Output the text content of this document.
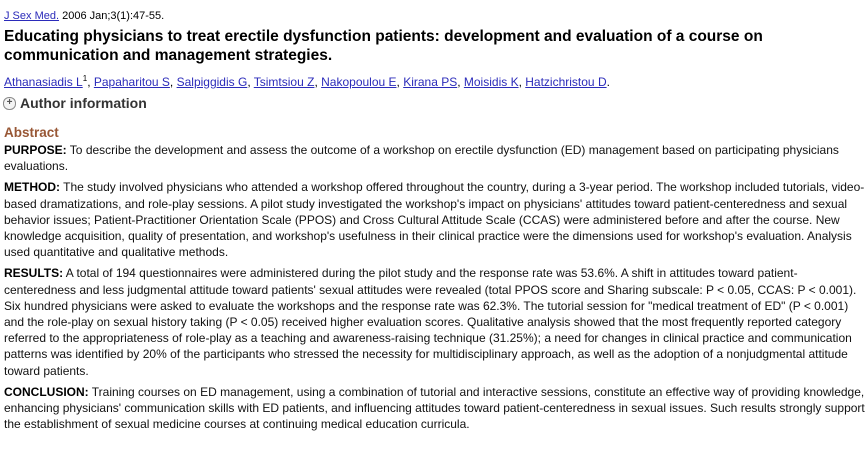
J Sex Med. 2006 Jan;3(1):47-55.
Educating physicians to treat erectile dysfunction patients: development and evaluation of a course on communication and management strategies.
Athanasiadis $L^1$, Papaharitou S, Salpiggidis G, Tsimtsiou Z, Nakopoulou E, Kirana PS, Moisidis K, Hatzichristou D.
+ Author information
Abstract

PURPOSE: To describe the development and assess the outcome of a workshop on erectile dysfunction (ED) management based on participating physicians evaluations.

METHOD: The study involved physicians who attended a workshop offered throughout the country, during a 3-year period. The workshop included tutorials, video-based dramatizations, and role-play sessions. A pilot study investigated the workshop's impact on physicians' attitudes toward patient-centeredness and sexual behavior issues; Patient-Practitioner Orientation Scale (PPOS) and Cross Cultural Attitude Scale (CCAS) were administered before and after the course. New knowledge acquisition, quality of presentation, and workshop's usefulness in their clinical practice were the dimensions used for workshop's evaluation. Analysis used quantitative and qualitative methods.

RESULTS: A total of 194 questionnaires were administered during the pilot study and the response rate was 53.6%. A shift in attitudes toward patient-centeredness and less judgmental attitude toward patients' sexual attitudes were revealed (total PPOS score and Sharing subscale: P < 0.05, CCAS: P < 0.001). Six hundred physicians were asked to evaluate the workshops and the response rate was 62.3%. The tutorial session for "medical treatment of ED" (P < 0.001) and the role-play on sexual history taking (P < 0.05) received higher evaluation scores. Qualitative analysis showed that the most frequently reported category referred to the appropriateness of role-play as a teaching and awareness-raising technique (31.25%); a need for changes in clinical practice and communication patterns was identified by 20% of the participants who stressed the necessity for multidisciplinary approach, as well as the adoption of a nonjudgmental attitude toward patients.

CONCLUSION: Training courses on ED management, using a combination of tutorial and interactive sessions, constitute an effective way of providing knowledge, enhancing physicians' communication skills with ED patients, and influencing attitudes toward patient-centeredness in sexual issues. Such results strongly support the establishment of sexual medicine courses at continuing medical education curricula.
